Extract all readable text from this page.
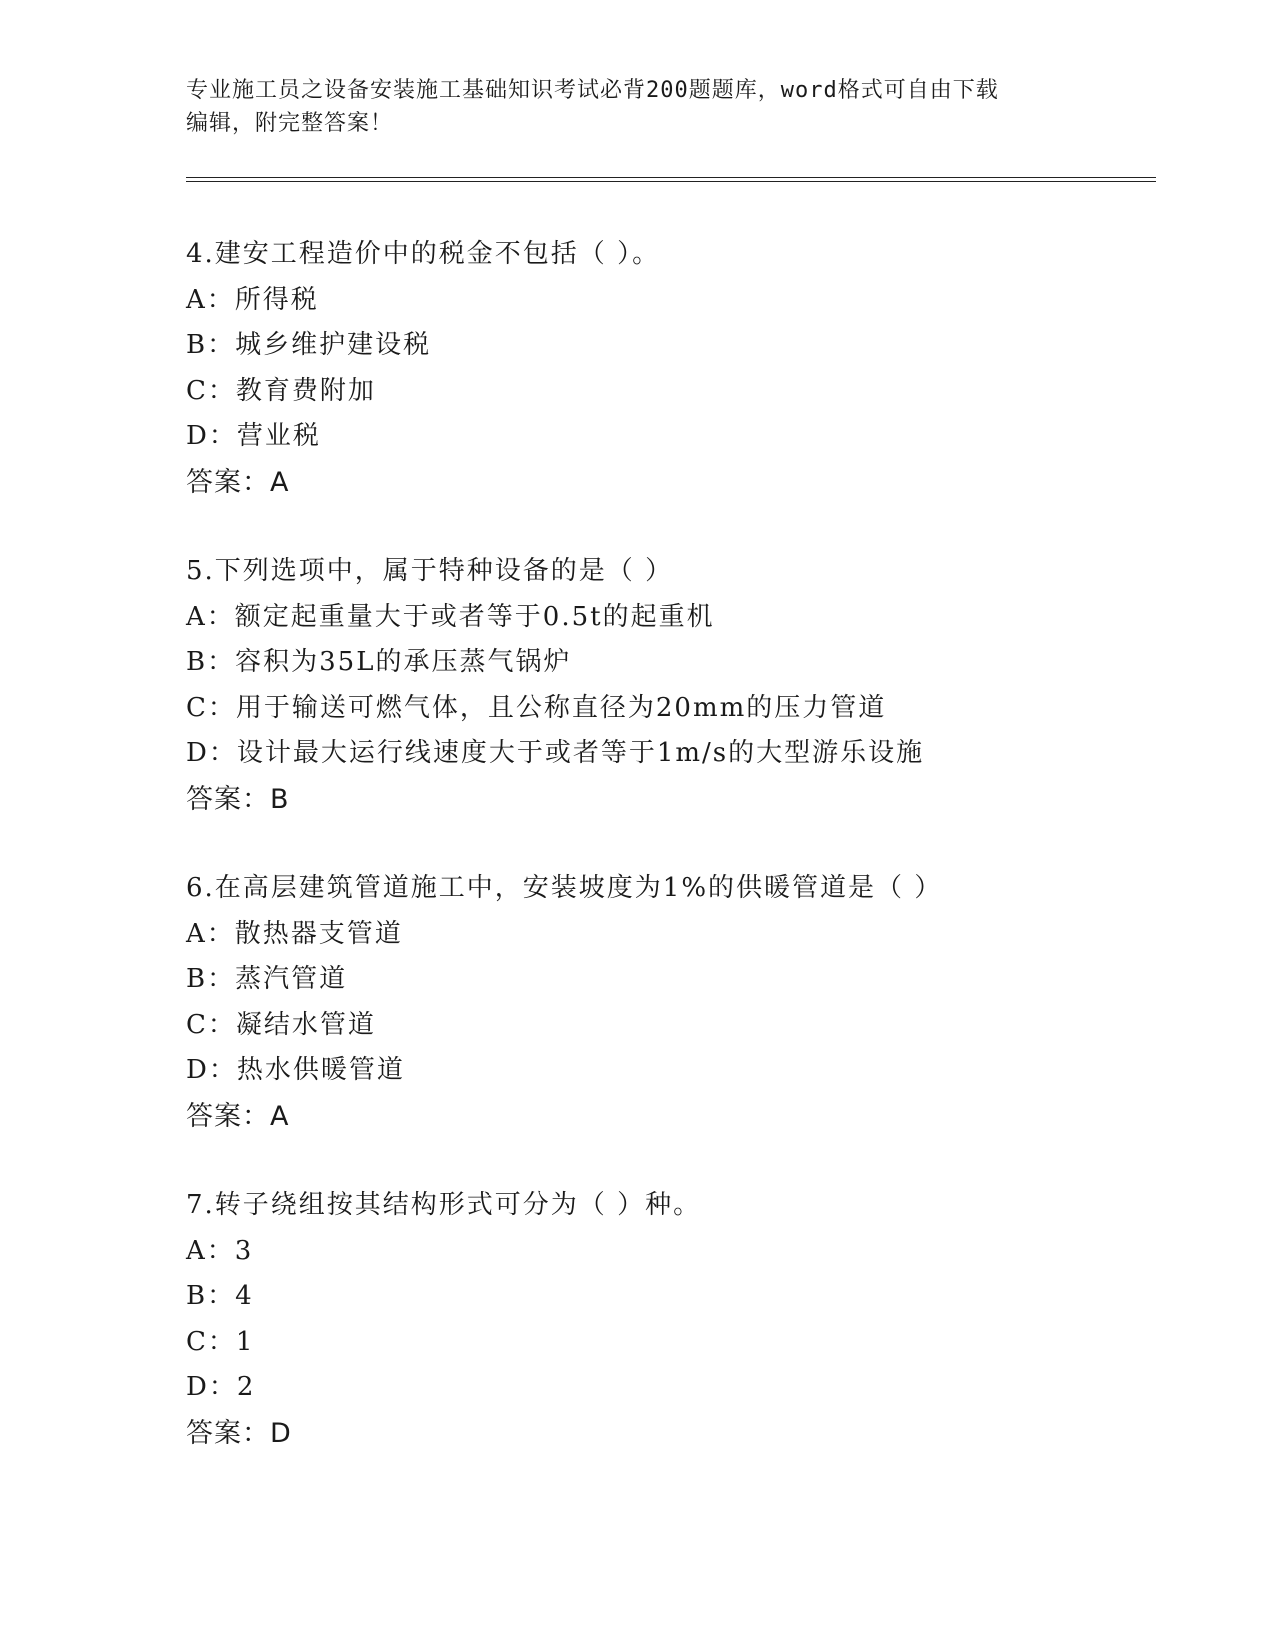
专业施工员之设备安装施工基础知识考试必背200题题库，word格式可自由下载
编辑，附完整答案！
4.建安工程造价中的税金不包括（ ）。
A：所得税
B：城乡维护建设税
C：教育费附加
D：营业税
答案：A
5.下列选项中，属于特种设备的是（ ）
A：额定起重量大于或者等于0.5t的起重机
B：容积为35L的承压蒸气锅炉
C：用于输送可燃气体，且公称直径为20mm的压力管道
D：设计最大运行线速度大于或者等于1m/s的大型游乐设施
答案：B
6.在高层建筑管道施工中，安装坡度为1%的供暖管道是（ ）
A：散热器支管道
B：蒸汽管道
C：凝结水管道
D：热水供暖管道
答案：A
7.转子绕组按其结构形式可分为（ ）种。
A：3
B：4
C：1
D：2
答案：D
